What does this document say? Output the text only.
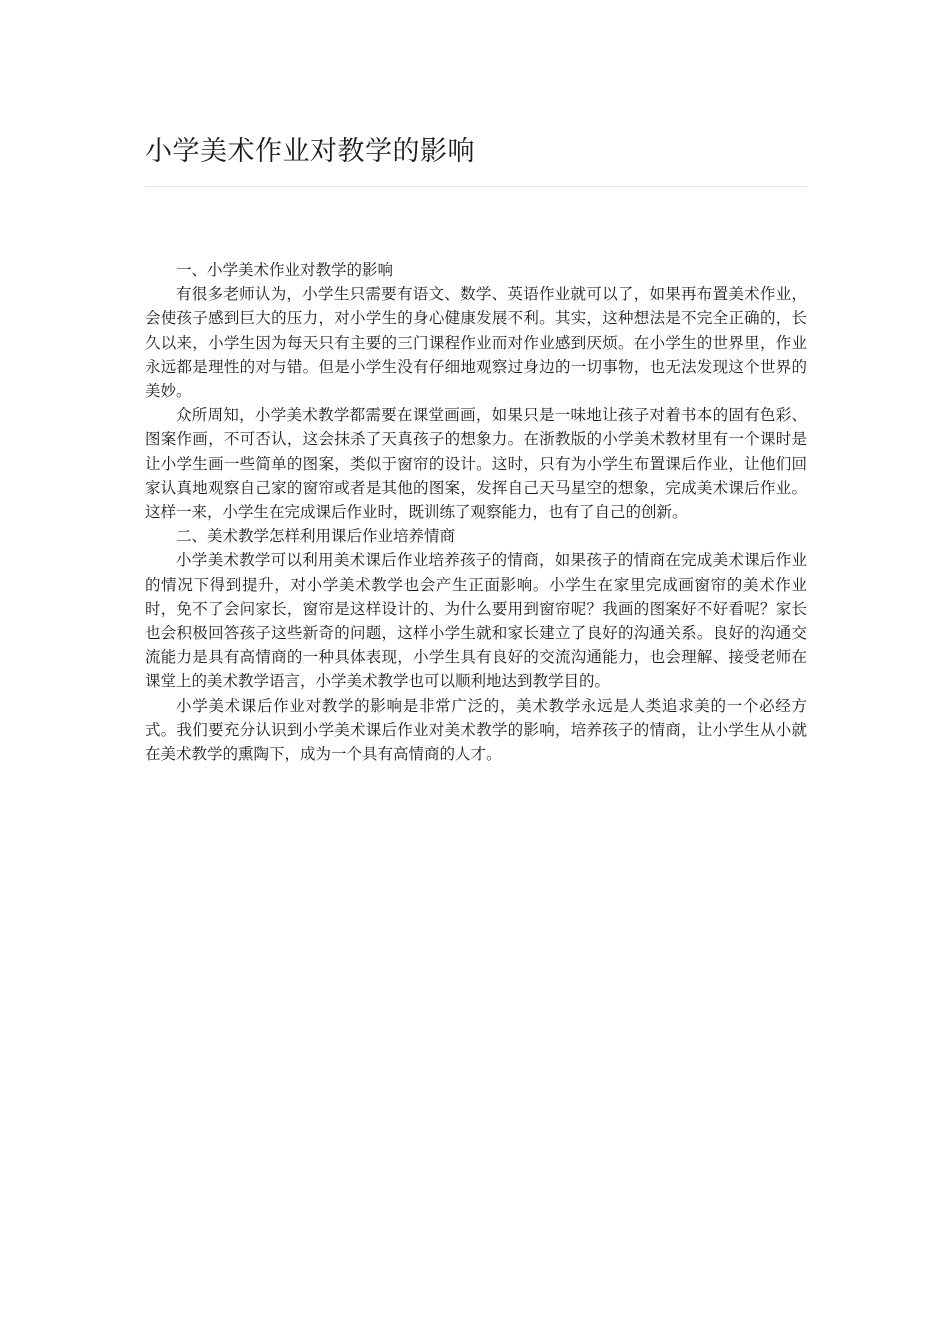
小学美术作业对教学的影响

一、小学美术作业对教学的影响

有很多老师认为，小学生只需要有语文、数学、英语作业就可以了，如果再布置美术作业，会使孩子感到巨大的压力，对小学生的身心健康发展不利。其实，这种想法是不完全正确的，长久以来，小学生因为每天只有主要的三门课程作业而对作业感到厌烦。在小学生的世界里，作业永远都是理性的对与错。但是小学生没有仔细地观察过身边的一切事物，也无法发现这个世界的美妙。

众所周知，小学美术教学都需要在课堂画画，如果只是一味地让孩子对着书本的固有色彩、图案作画，不可否认，这会抹杀了天真孩子的想象力。在浙教版的小学美术教材里有一个课时是让小学生画一些简单的图案，类似于窗帘的设计。这时，只有为小学生布置课后作业，让他们回家认真地观察自己家的窗帘或者是其他的图案，发挥自己天马星空的想象，完成美术课后作业。这样一来，小学生在完成课后作业时，既训练了观察能力，也有了自己的创新。

二、美术教学怎样利用课后作业培养情商

小学美术教学可以利用美术课后作业培养孩子的情商，如果孩子的情商在完成美术课后作业的情况下得到提升，对小学美术教学也会产生正面影响。小学生在家里完成画窗帘的美术作业时，免不了会问家长，窗帘是这样设计的、为什么要用到窗帘呢？我画的图案好不好看呢？家长也会积极回答孩子这些新奇的问题，这样小学生就和家长建立了良好的沟通关系。良好的沟通交流能力是具有高情商的一种具体表现，小学生具有良好的交流沟通能力，也会理解、接受老师在课堂上的美术教学语言，小学美术教学也可以顺利地达到教学目的。

小学美术课后作业对教学的影响是非常广泛的，美术教学永远是人类追求美的一个必经方式。我们要充分认识到小学美术课后作业对美术教学的影响，培养孩子的情商，让小学生从小就在美术教学的熏陶下，成为一个具有高情商的人才。
